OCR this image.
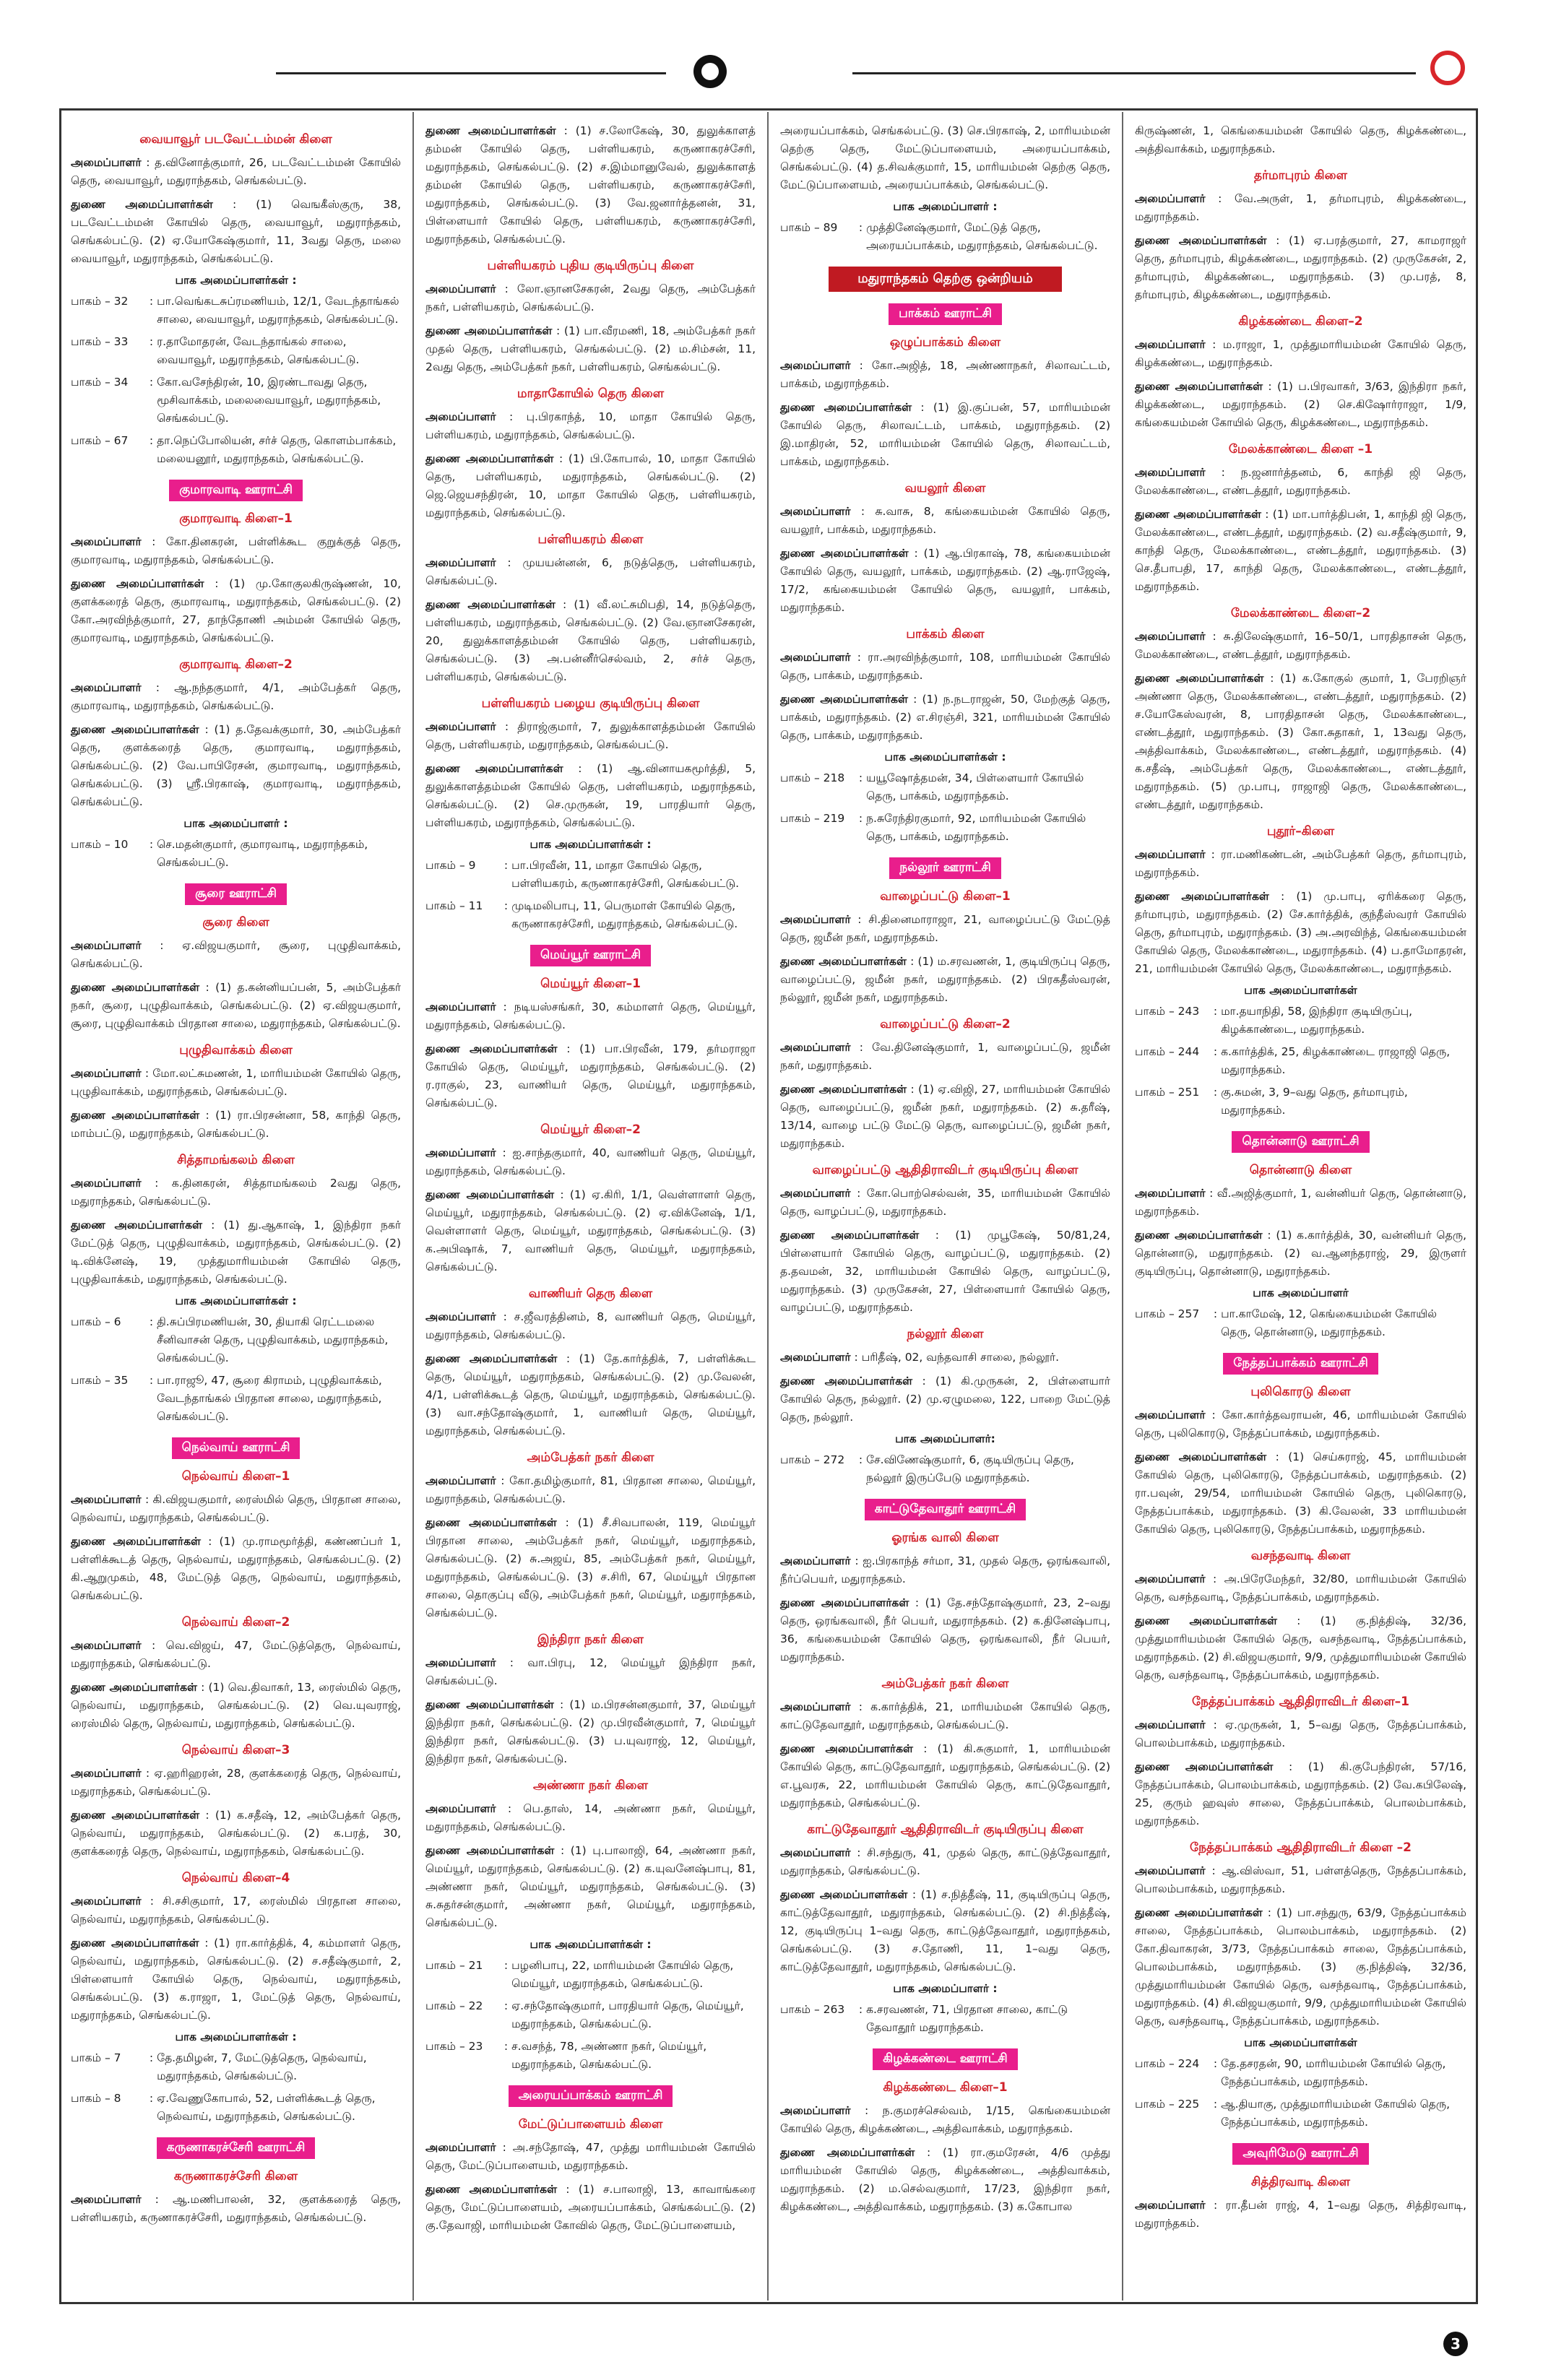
வையாவூர் படவேட்டம்மன் கிளை

அமைப்பாளர் : த.வினோத்குமார், 26, படவேட்டம்மன் கோயில் தெரு, வையாவூர், மதுராந்தகம், செங்கல்பட்டு.

துணை அமைப்பாளர்கள் : (1) வெஙகீஸ்குரு, 38, படவேட்டம்மன் கோயில் தெரு, வையாவூர், மதுராந்தகம், செங்கல்பட்டு. (2) ஏ.யோகேஷ்குமார், 11, 3வது தெரு, மலை வையாவூர், மதுராந்தகம், செங்கல்பட்டு.

பாக அமைப்பாளர்கள் :
பாகம் – 32	: பா.வெங்கடசுப்ரமணியம், 12/1, வேடந்தாங்கல் சாலை, வையாவூர், மதுராந்தகம், செங்கல்பட்டு.
பாகம் – 33	: ர.தாமோதரன், வேடந்தாங்கல் சாலை, வையாவூர், மதுராந்தகம், செங்கல்பட்டு.
பாகம் – 34	: கோ.வசேந்திரன், 10, இரண்டாவது தெரு, மூசிவாக்கம், மலைவையாவூர், மதுராந்தகம், செங்கல்பட்டு.
பாகம் – 67	: தா.நெப்போலியன், சர்ச் தெரு, கொளம்பாக்கம், மலையனூர், மதுராந்தகம், செங்கல்பட்டு.
குமாரவாடி ஊராட்சி
குமாரவாடி கிளை–1

அமைப்பாளர் : கோ.தினகரன், பள்ளிக்கூட குறுக்குத் தெரு, குமாரவாடி, மதுராந்தகம், செங்கல்பட்டு.

துணை அமைப்பாளர்கள் : (1) மு.கோகுலகிருஷ்ணன், 10, குளக்கரைத் தெரு, குமாரவாடி, மதுராந்தகம், செங்கல்பட்டு. (2) கோ.அரவிந்த்குமார், 27, தாந்தோணி அம்மன் கோயில் தெரு, குமாரவாடி, மதுராந்தகம், செங்கல்பட்டு.

குமாரவாடி கிளை–2

அமைப்பாளர் : ஆ.நந்தகுமார், 4/1, அம்பேத்கர் தெரு, குமாரவாடி, மதுராந்தகம், செங்கல்பட்டு.

துணை அமைப்பாளர்கள் : (1) த.தேவக்குமார், 30, அம்பேத்கர் தெரு, குளக்கரைத் தெரு, குமாரவாடி, மதுராந்தகம், செங்கல்பட்டு. (2) வே.பாபிரேசன், குமாரவாடி, மதுராந்தகம், செங்கல்பட்டு. (3) ஸ்ரீ.பிரகாஷ், குமாரவாடி, மதுராந்தகம், செங்கல்பட்டு.

பாக அமைப்பாளர் :
பாகம் – 10	: செ.மதன்குமார், குமாரவாடி, மதுராந்தகம், செங்கல்பட்டு.
சூரை ஊராட்சி
சூரை கிளை

அமைப்பாளர் : ஏ.விஜயகுமார், சூரை, புழுதிவாக்கம், செங்கல்பட்டு.

துணை அமைப்பாளர்கள் : (1) த.கன்னியப்பன், 5, அம்பேத்கர் நகர், சூரை, புழுதிவாக்கம், செங்கல்பட்டு. (2) ஏ.விஜயகுமார், சூரை, புழுதிவாக்கம் பிரதான சாலை, மதுராந்தகம், செங்கல்பட்டு.

புழுதிவாக்கம் கிளை

அமைப்பாளர் : மோ.லட்சுமணன், 1, மாரியம்மன் கோயில் தெரு, புழுதிவாக்கம், மதுராந்தகம், செங்கல்பட்டு.

துணை அமைப்பாளர்கள் : (1) ரா.பிரசன்னா, 58, காந்தி தெரு, மாம்பட்டு, மதுராந்தகம், செங்கல்பட்டு.

சித்தாமங்கலம் கிளை

அமைப்பாளர் : க.தினகரன், சித்தாமங்கலம் 2வது தெரு, மதுராந்தகம், செங்கல்பட்டு.

துணை அமைப்பாளர்கள் : (1) து.ஆகாஷ், 1, இந்திரா நகர் மேட்டுத் தெரு, புழுதிவாக்கம், மதுராந்தகம், செங்கல்பட்டு. (2) டி.விக்னேஷ், 19, முத்துமாரியம்மன் கோயில் தெரு, புழுதிவாக்கம், மதுராந்தகம், செங்கல்பட்டு.

பாக அமைப்பாளர்கள் :
பாகம் – 6	: தி.சுப்பிரமணியன், 30, தியாகி ரெட்டமலை சீனிவாசன் தெரு, புழுதிவாக்கம், மதுராந்தகம், செங்கல்பட்டு.
பாகம் – 35	: பா.ராஜூ, 47, சூரை கிராமம், புழுதிவாக்கம், வேடந்தாங்கல் பிரதான சாலை, மதுராந்தகம், செங்கல்பட்டு.
நெல்வாய் ஊராட்சி
நெல்வாய் கிளை–1

அமைப்பாளர் : கி.விஜயகுமார், ரைஸ்மில் தெரு, பிரதான சாலை, நெல்வாய், மதுராந்தகம், செங்கல்பட்டு.

துணை அமைப்பாளர்கள் : (1) மு.ராமமூர்த்தி, கண்ணப்பர் 1, பள்ளிக்கூடத் தெரு, நெல்வாய், மதுராந்தகம், செங்கல்பட்டு. (2) கி.ஆறுமுகம், 48, மேட்டுத் தெரு, நெல்வாய், மதுராந்தகம், செங்கல்பட்டு.

நெல்வாய் கிளை–2

அமைப்பாளர் : வெ.விஜய், 47, மேட்டுத்தெரு, நெல்வாய், மதுராந்தகம், செங்கல்பட்டு.

துணை அமைப்பாளர்கள் : (1) வெ.திவாகர், 13, ரைஸ்மில் தெரு, நெல்வாய், மதுராந்தகம், செங்கல்பட்டு. (2) வெ.யுவராஜ், ரைஸ்மில் தெரு, நெல்வாய், மதுராந்தகம், செங்கல்பட்டு.

நெல்வாய் கிளை–3

அமைப்பாளர் : ஏ.ஹரிஹரன், 28, குளக்கரைத் தெரு, நெல்வாய், மதுராந்தகம், செங்கல்பட்டு.

துணை அமைப்பாளர்கள் : (1) க.சதீஷ், 12, அம்பேத்கர் தெரு, நெல்வாய், மதுராந்தகம், செங்கல்பட்டு. (2) க.பரத், 30, குளக்கரைத் தெரு, நெல்வாய், மதுராந்தகம், செங்கல்பட்டு.

நெல்வாய் கிளை–4

அமைப்பாளர் : சி.சசிகுமார், 17, ரைஸ்மில் பிரதான சாலை, நெல்வாய், மதுராந்தகம், செங்கல்பட்டு.

துணை அமைப்பாளர்கள் : (1) ரா.கார்த்திக், 4, கம்மாளர் தெரு, நெல்வாய், மதுராந்தகம், செங்கல்பட்டு. (2) ச.சதீஷ்குமார், 2, பிள்ளையார் கோயில் தெரு, நெல்வாய், மதுராந்தகம், செங்கல்பட்டு. (3) க.ராஜா, 1, மேட்டுத் தெரு, நெல்வாய், மதுராந்தகம், செங்கல்பட்டு.

பாக அமைப்பாளர்கள் :
பாகம் – 7	: தே.தமிழன், 7, மேட்டுத்தெரு, நெல்வாய், மதுராந்தகம், செங்கல்பட்டு.
பாகம் – 8	: ஏ.வேணுகோபால், 52, பள்ளிக்கூடத் தெரு, நெல்வாய், மதுராந்தகம், செங்கல்பட்டு.
கருணாகரச்சேரி ஊராட்சி
கருணாகரச்சேரி கிளை

அமைப்பாளர் : ஆ.மணிபாலன், 32, குளக்கரைத் தெரு, பள்ளியகரம், கருணாகரச்சேரி, மதுராந்தகம், செங்கல்பட்டு.

துணை அமைப்பாளர்கள் : (1) ச.லோகேஷ், 30, துலுக்காளத் தம்மன் கோயில் தெரு, பள்ளியகரம், கருணாகரச்சேரி, மதுராந்தகம், செங்கல்பட்டு. (2) ச.இம்மானுவேல், துலுக்காளத் தம்மன் கோயில் தெரு, பள்ளியகரம், கருணாகரச்சேரி, மதுராந்தகம், செங்கல்பட்டு. (3) வே.ஜனார்த்தனன், 31, பிள்ளையார் கோயில் தெரு, பள்ளியகரம், கருணாகரச்சேரி, மதுராந்தகம், செங்கல்பட்டு.

பள்ளியகரம் புதிய குடியிருப்பு கிளை

அமைப்பாளர் : லோ.ஞானசேகரன், 2வது தெரு, அம்பேத்கர் நகர், பள்ளியகரம், செங்கல்பட்டு.

துணை அமைப்பாளர்கள் : (1) பா.வீரமணி, 18, அம்பேத்கர் நகர் முதல் தெரு, பள்ளியகரம், செங்கல்பட்டு. (2) ம.சிம்சன், 11, 2வது தெரு, அம்பேத்கர் நகர், பள்ளியகரம், செங்கல்பட்டு.

மாதாகோயில் தெரு கிளை

அமைப்பாளர் : பு.பிரகாந்த், 10, மாதா கோயில் தெரு, பள்ளியகரம், மதுராந்தகம், செங்கல்பட்டு.

துணை அமைப்பாளர்கள் : (1) பி.கோபால், 10, மாதா கோயில் தெரு, பள்ளியகரம், மதுராந்தகம், செங்கல்பட்டு. (2) ஜெ.ஜெயசந்திரன், 10, மாதா கோயில் தெரு, பள்ளியகரம், மதுராந்தகம், செங்கல்பட்டு.

பள்ளியகரம் கிளை

அமைப்பாளர் : முயயன்னன், 6, நடுத்தெரு, பள்ளியகரம், செங்கல்பட்டு.

துணை அமைப்பாளர்கள் : (1) வீ.லட்சுமிபதி, 14, நடுத்தெரு, பள்ளியகரம், மதுராந்தகம், செங்கல்பட்டு. (2) வே.ஞானசேகரன், 20, துலுக்காளத்தம்மன் கோயில் தெரு, பள்ளியகரம், செங்கல்பட்டு. (3) அ.பன்னீர்செல்வம், 2, சர்ச் தெரு, பள்ளியகரம், செங்கல்பட்டு.

பள்ளியகரம் பழைய குடியிருப்பு கிளை

அமைப்பாளர் : திராஜ்குமார், 7, துலுக்காளத்தம்மன் கோயில் தெரு, பள்ளியகரம், மதுராந்தகம், செங்கல்பட்டு.

துணை அமைப்பாளர்கள் : (1) ஆ.வினாயகமூர்த்தி, 5, துலுக்காளத்தம்மன் கோயில் தெரு, பள்ளியகரம், மதுராந்தகம், செங்கல்பட்டு. (2) செ.முருகன், 19, பாரதியார் தெரு, பள்ளியகரம், மதுராந்தகம், செங்கல்பட்டு.

பாக அமைப்பாளர்கள் :
பாகம் – 9	: பா.பிரவீன், 11, மாதா கோயில் தெரு, பள்ளியகரம், கருணாகரச்சேரி, செங்கல்பட்டு.
பாகம் – 11	: முடிமலிபாபு, 11, பெருமாள் கோயில் தெரு, கருணாகரச்சேரி, மதுராந்தகம், செங்கல்பட்டு.
மெய்யூர் ஊராட்சி
மெய்யூர் கிளை–1

அமைப்பாளர் : நடியஸ்சங்கர், 30, கம்மாளர் தெரு, மெய்யூர், மதுராந்தகம், செங்கல்பட்டு.

துணை அமைப்பாளர்கள் : (1) பா.பிரவீன், 179, தர்மராஜா கோயில் தெரு, மெய்யூர், மதுராந்தகம், செங்கல்பட்டு. (2) ர.ராகுல், 23, வாணியர் தெரு, மெய்யூர், மதுராந்தகம், செங்கல்பட்டு.

மெய்யூர் கிளை–2

அமைப்பாளர் : ஐ.சாந்தகுமார், 40, வாணியர் தெரு, மெய்யூர், மதுராந்தகம், செங்கல்பட்டு.

துணை அமைப்பாளர்கள் : (1) ஏ.கிரி, 1/1, வெள்ளாளர் தெரு, மெய்யூர், மதுராந்தகம், செங்கல்பட்டு. (2) ஏ.விக்னேஷ், 1/1, வெள்ளாளர் தெரு, மெய்யூர், மதுராந்தகம், செங்கல்பட்டு. (3) க.அபிஷாக், 7, வாணியர் தெரு, மெய்யூர், மதுராந்தகம், செங்கல்பட்டு.

வாணியர் தெரு கிளை

அமைப்பாளர் : ச.ஜீவரத்தினம், 8, வாணியர் தெரு, மெய்யூர், மதுராந்தகம், செங்கல்பட்டு.

துணை அமைப்பாளர்கள் : (1) தே.கார்த்திக், 7, பள்ளிக்கூட தெரு, மெய்யூர், மதுராந்தகம், செங்கல்பட்டு. (2) மு.வேலன், 4/1, பள்ளிக்கூடத் தெரு, மெய்யூர், மதுராந்தகம், செங்கல்பட்டு. (3) வா.சந்தோஷ்குமார், 1, வாணியர் தெரு, மெய்யூர், மதுராந்தகம், செங்கல்பட்டு.

அம்பேத்கர் நகர் கிளை

அமைப்பாளர் : கோ.தமிழ்குமார், 81, பிரதான சாலை, மெய்யூர், மதுராந்தகம், செங்கல்பட்டு.

துணை அமைப்பாளர்கள் : (1) சீ.சிவபாலன், 119, மெய்யூர் பிரதான சாலை, அம்பேத்கர் நகர், மெய்யூர், மதுராந்தகம், செங்கல்பட்டு. (2) சு.அஜய், 85, அம்பேத்கர் நகர், மெய்யூர், மதுராந்தகம், செங்கல்பட்டு. (3) ச.சிரி, 67, மெய்யூர் பிரதான சாலை, தொகுப்பு வீடு, அம்பேத்கர் நகர், மெய்யூர், மதுராந்தகம், செங்கல்பட்டு.

இந்திரா நகர் கிளை

அமைப்பாளர் : வா.பிரபு, 12, மெய்யூர் இந்திரா நகர், செங்கல்பட்டு.

துணை அமைப்பாளர்கள் : (1) ம.பிரசன்னகுமார், 37, மெய்யூர் இந்திரா நகர், செங்கல்பட்டு. (2) மு.பிரவீன்குமார், 7, மெய்யூர் இந்திரா நகர், செங்கல்பட்டு. (3) ப.யுவராஜ், 12, மெய்யூர், இந்திரா நகர், செங்கல்பட்டு.

அண்ணா நகர் கிளை

அமைப்பாளர் : பெ.தாஸ், 14, அண்ணா நகர், மெய்யூர், மதுராந்தகம், செங்கல்பட்டு.

துணை அமைப்பாளர்கள் : (1) பு.பாலாஜி, 64, அண்ணா நகர், மெய்யூர், மதுராந்தகம், செங்கல்பட்டு. (2) க.யுவனேஷ்பாபு, 81, அண்ணா நகர், மெய்யூர், மதுராந்தகம், செங்கல்பட்டு. (3) சு.சுதர்சன்குமார், அண்ணா நகர், மெய்யூர், மதுராந்தகம், செங்கல்பட்டு.

பாக அமைப்பாளர்கள் :
பாகம் – 21	: பழனிபாபு, 22, மாரியம்மன் கோயில் தெரு, மெய்யூர், மதுராந்தகம், செங்கல்பட்டு.
பாகம் – 22	: ஏ.சந்தோஷ்குமார், பாரதியார் தெரு, மெய்யூர், மதுராந்தகம், செங்கல்பட்டு.
பாகம் – 23	: ச.வசந்த், 78, அண்ணா நகர், மெய்யூர், மதுராந்தகம், செங்கல்பட்டு.
அரையப்பாக்கம் ஊராட்சி
மேட்டுப்பாளையம் கிளை

அமைப்பாளர் : அ.சந்தோஷ், 47, முத்து மாரியம்மன் கோயில் தெரு, மேட்டுப்பாளையம், மதுராந்தகம்.

துணை அமைப்பாளர்கள் : (1) ச.பாலாஜி, 13, காவாங்கரை தெரு, மேட்டுப்பாளையம், அரையப்பாக்கம், செங்கல்பட்டு. (2) கு.தேவாஜி, மாரியம்மன் கோவில் தெரு, மேட்டுப்பாளையம்,

அரையப்பாக்கம், செங்கல்பட்டு. (3) செ.பிரகாஷ், 2, மாரியம்மன் தெற்கு தெரு, மேட்டுப்பாளையம், அரையப்பாக்கம், செங்கல்பட்டு. (4) த.சிவக்குமார், 15, மாரியம்மன் தெற்கு தெரு, மேட்டுப்பாளையம், அரையப்பாக்கம், செங்கல்பட்டு.

பாக அமைப்பாளர் :
பாகம் – 89	: முத்தினேஷ்குமார், மேட்டுத் தெரு, அரையப்பாக்கம், மதுராந்தகம், செங்கல்பட்டு.
மதுராந்தகம் தெற்கு ஒன்றியம்
பாக்கம் ஊராட்சி
ஒழுப்பாக்கம் கிளை

அமைப்பாளர் : கோ.அஜித், 18, அண்ணாநகர், சிலாவட்டம், பாக்கம், மதுராந்தகம்.

துணை அமைப்பாளர்கள் : (1) இ.குப்பன், 57, மாரியம்மன் கோயில் தெரு, சிலாவட்டம், பாக்கம், மதுராந்தகம். (2) இ.மாதிரன், 52, மாரியம்மன் கோயில் தெரு, சிலாவட்டம், பாக்கம், மதுராந்தகம்.

வயலூர் கிளை

அமைப்பாளர் : சு.வாசு, 8, கங்கையம்மன் கோயில் தெரு, வயலூர், பாக்கம், மதுராந்தகம்.

துணை அமைப்பாளர்கள் : (1) ஆ.பிரகாஷ், 78, கங்கையம்மன் கோயில் தெரு, வயலூர், பாக்கம், மதுராந்தகம். (2) ஆ.ராஜேஷ், 17/2, கங்கையம்மன் கோயில் தெரு, வயலூர், பாக்கம், மதுராந்தகம்.

பாக்கம் கிளை

அமைப்பாளர் : ரா.அரவிந்த்குமார், 108, மாரியம்மன் கோயில் தெரு, பாக்கம், மதுராந்தகம்.

துணை அமைப்பாளர்கள் : (1) ந.நடராஜன், 50, மேற்குத் தெரு, பாக்கம், மதுராந்தகம். (2) எ.சிரஞ்சி, 321, மாரியம்மன் கோயில் தெரு, பாக்கம், மதுராந்தகம்.

பாக அமைப்பாளர்கள் :
பாகம் – 218 : யயூஷோத்தமன், 34, பிள்ளையார் கோயில் தெரு, பாக்கம், மதுராந்தகம்.
பாகம் – 219 : ந.சுரேந்திரகுமார், 92, மாரியம்மன் கோயில் தெரு, பாக்கம், மதுராந்தகம்.
நல்லூர் ஊராட்சி
வாழைப்பட்டு கிளை–1

அமைப்பாளர் : சி.தினைமாராஜா, 21, வாழைப்பட்டு மேட்டுத் தெரு, ஜமீன் நகர், மதுராந்தகம்.

துணை அமைப்பாளர்கள் : (1) ம.சரவணன், 1, குடியிருப்பு தெரு, வாழைப்பட்டு, ஜமீன் நகர், மதுராந்தகம். (2) பிரகதீஸ்வரன், நல்லூர், ஜமீன் நகர், மதுராந்தகம்.

வாழைப்பட்டு கிளை–2

அமைப்பாளர் : வே.தினேஷ்குமார், 1, வாழைப்பட்டு, ஜமீன் நகர், மதுராந்தகம்.

துணை அமைப்பாளர்கள் : (1) ஏ.விஜி, 27, மாரியம்மன் கோயில் தெரு, வாழைப்பட்டு, ஜமீன் நகர், மதுராந்தகம். (2) சு.தரீஷ், 13/14, வாழை பட்டு மேட்டு தெரு, வாழைப்பட்டு, ஜமீன் நகர், மதுராந்தகம்.

வாழைப்பட்டு ஆதிதிராவிடர் குடியிருப்பு கிளை

அமைப்பாளர் : கோ.பொற்செல்வன், 35, மாரியம்மன் கோயில் தெரு, வாழப்பட்டு, மதுராந்தகம்.

துணை அமைப்பாளர்கள் : (1) முபூகேஷ், 50/81,24, பிள்ளையார் கோயில் தெரு, வாழப்பட்டு, மதுராந்தகம். (2) த.தவமன், 32, மாரியம்மன் கோயில் தெரு, வாழப்பட்டு, மதுராந்தகம். (3) முருகேசன், 27, பிள்ளையார் கோயில் தெரு, வாழப்பட்டு, மதுராந்தகம்.

நல்லூர் கிளை

அமைப்பாளர் : பரிதீஷ், 02, வந்தவாசி சாலை, நல்லூர்.

துணை அமைப்பாளர்கள் : (1) கி.முருகன், 2, பிள்ளையார் கோயில் தெரு, நல்லூர். (2) மு.ஏழுமலை, 122, பாறை மேட்டுத் தெரு, நல்லூர்.

பாக அமைப்பாளர்:
பாகம் – 272 : சே.விணேஷ்குமார், 6, குடியிருப்பு தெரு, நல்லூர் இருப்பேடு மதுராந்தகம்.
காட்டுதேவாதூர் ஊராட்சி
ஓரங்க வாலி கிளை

அமைப்பாளர் : ஐ.பிரகாந்த் சர்மா, 31, முதல் தெரு, ஒரங்கவாலி, நீர்ப்பெயர், மதுராந்தகம்.

துணை அமைப்பாளர்கள் : (1) தே.சந்தோஷ்குமார், 23, 2–வது தெரு, ஒரங்கவாலி, நீர் பெயர், மதுராந்தகம். (2) க.தினேஷ்பாபு, 36, கங்கையம்மன் கோயில் தெரு, ஒரங்கவாலி, நீர் பெயர், மதுராந்தகம்.

அம்பேத்கர் நகர் கிளை

அமைப்பாளர் : க.கார்த்திக், 21, மாரியம்மன் கோயில் தெரு, காட்டுதேவாதூர், மதுராந்தகம், செங்கல்பட்டு.

துணை அமைப்பாளர்கள் : (1) கி.சுகுமார், 1, மாரியம்மன் கோயில் தெரு, காட்டுதேவாதூர், மதுராந்தகம், செங்கல்பட்டு. (2) எ.பூவரசு, 22, மாரியம்மன் கோயில் தெரு, காட்டுதேவாதூர், மதுராந்தகம், செங்கல்பட்டு.

காட்டுதேவாதூர் ஆதிதிராவிடர் குடியிருப்பு கிளை

அமைப்பாளர் : சி.சந்துரு, 41, முதல் தெரு, காட்டுத்தேவாதூர், மதுராந்தகம், செங்கல்பட்டு.

துணை அமைப்பாளர்கள் : (1) ச.நித்தீஷ், 11, குடியிருப்பு தெரு, காட்டுத்தேவாதூர், மதுராந்தகம், செங்கல்பட்டு. (2) சி.நித்தீஷ், 12, குடியிருப்பு 1–வது தெரு, காட்டுத்தேவாதூர், மதுராந்தகம், செங்கல்பட்டு. (3) ச.தோணி, 11, 1–வது தெரு, காட்டுத்தேவாதூர், மதுராந்தகம், செங்கல்பட்டு.

பாக அமைப்பாளர் :
பாகம் – 263 : க.சரவணன், 71, பிரதான சாலை, காட்டு தேவாதூர் மதுராந்தகம்.
கிழக்கண்டை ஊராட்சி
கிழக்கண்டை கிளை–1

அமைப்பாளர் : ந.குமரச்செல்வம், 1/15, கெங்கையம்மன் கோயில் தெரு, கிழக்கண்டை, அத்திவாக்கம், மதுராந்தகம்.

துணை அமைப்பாளர்கள் : (1) ரா.குமரேசன், 4/6 முத்து மாரியம்மன் கோயில் தெரு, கிழக்கண்டை, அத்திவாக்கம், மதுராந்தகம். (2) ம.செல்வகுமார், 17/23, இந்திரா நகர், கிழக்கண்டை, அத்திவாக்கம், மதுராந்தகம். (3) க.கோபால

கிருஷ்ணன், 1, கெங்கையம்மன் கோயில் தெரு, கிழக்கண்டை, அத்திவாக்கம், மதுராந்தகம்.

தர்மாபுரம் கிளை

அமைப்பாளர் : வே.அருள், 1, தர்மாபுரம், கிழக்கண்டை, மதுராந்தகம்.

துணை அமைப்பாளர்கள் : (1) ஏ.பரத்குமார், 27, காமராஜர் தெரு, தர்மாபுரம், கிழக்கண்டை, மதுராந்தகம். (2) முருகேசன், 2, தர்மாபுரம், கிழக்கண்டை, மதுராந்தகம். (3) மு.பரத், 8, தர்மாபுரம், கிழக்கண்டை, மதுராந்தகம்.

கிழக்கண்டை கிளை–2

அமைப்பாளர் : ம.ராஜா, 1, முத்துமாரியம்மன் கோயில் தெரு, கிழக்கண்டை, மதுராந்தகம்.

துணை அமைப்பாளர்கள் : (1) ப.பிரவாகர், 3/63, இந்திரா நகர், கிழக்கண்டை, மதுராந்தகம். (2) செ.கிஷோர்ராஜா, 1/9, கங்கையம்மன் கோயில் தெரு, கிழக்கண்டை, மதுராந்தகம்.

மேலக்காண்டை கிளை –1

அமைப்பாளர் : ந.ஜனார்த்தனம், 6, காந்தி ஜி தெரு, மேலக்காண்டை, எண்டத்தூர், மதுராந்தகம்.

துணை அமைப்பாளர்கள் : (1) மா.பார்த்திபன், 1, காந்தி ஜி தெரு, மேலக்காண்டை, எண்டத்தூர், மதுராந்தகம். (2) வ.சதீஷ்குமார், 9, காந்தி தெரு, மேலக்காண்டை, எண்டத்தூர், மதுராந்தகம். (3) செ.தீபாபதி, 17, காந்தி தெரு, மேலக்காண்டை, எண்டத்தூர், மதுராந்தகம்.

மேலக்காண்டை கிளை–2

அமைப்பாளர் : சு.திலேஷ்குமார், 16–50/1, பாரதிதாசன் தெரு, மேலக்காண்டை, எண்டத்தூர், மதுராந்தகம்.

துணை அமைப்பாளர்கள் : (1) க.கோகுல் குமார், 1, பேரறிஞர் அண்ணா தெரு, மேலக்காண்டை, எண்டத்தூர், மதுராந்தகம். (2) ச.யோகேஸ்வரன், 8, பாரதிதாசன் தெரு, மேலக்காண்டை, எண்டத்தூர், மதுராந்தகம். (3) கோ.சுதாகர், 1, 13வது தெரு, அத்திவாக்கம், மேலக்காண்டை, எண்டத்தூர், மதுராந்தகம். (4) க.சதீஷ், அம்பேத்கர் தெரு, மேலக்காண்டை, எண்டத்தூர், மதுராந்தகம். (5) மு.பாபு, ராஜாஜி தெரு, மேலக்காண்டை, எண்டத்தூர், மதுராந்தகம்.

புதூர்–கிளை

அமைப்பாளர் : ரா.மணிகண்டன், அம்பேத்கர் தெரு, தர்மாபுரம், மதுராந்தகம்.

துணை அமைப்பாளர்கள் : (1) மு.பாபு, ஏரிக்கரை தெரு, தர்மாபுரம், மதுராந்தகம். (2) சே.கார்த்திக், குந்தீஸ்வரர் கோயில் தெரு, தர்மாபுரம், மதுராந்தகம். (3) அ.அரவிந்த், கெங்கையம்மன் கோயில் தெரு, மேலக்காண்டை, மதுராந்தகம். (4) ப.தாமோதரன், 21, மாரியம்மன் கோயில் தெரு, மேலக்காண்டை, மதுராந்தகம்.

பாக அமைப்பாளர்கள்
பாகம் – 243 : மா.தயாநிதி, 58, இந்திரா குடியிருப்பு, கிழக்காண்டை, மதுராந்தகம்.
பாகம் – 244 : க.கார்த்திக், 25, கிழக்காண்டை ராஜாஜி தெரு, மதுராந்தகம்.
பாகம் – 251 : கு.சுமன், 3, 9–வது தெரு, தர்மாபுரம், மதுராந்தகம்.
தொன்னாடு ஊராட்சி
தொன்னாடு கிளை

அமைப்பாளர் : வீ.அஜித்குமார், 1, வன்னியர் தெரு, தொன்னாடு, மதுராந்தகம்.

துணை அமைப்பாளர்கள் : (1) க.கார்த்திக், 30, வன்னியர் தெரு, தொன்னாடு, மதுராந்தகம். (2) வ.ஆனந்தராஜ், 29, இருளர் குடியிருப்பு, தொன்னாடு, மதுராந்தகம்.

பாக அமைப்பாளர்
பாகம் – 257 : பா.காமேஷ், 12, கெங்கையம்மன் கோயில் தெரு, தொன்னாடு, மதுராந்தகம்.
நேத்தப்பாக்கம் ஊராட்சி
புலிகொரடு கிளை

அமைப்பாளர் : கோ.கார்த்தவராயன், 46, மாரியம்மன் கோயில் தெரு, புலிகொரடு, நேத்தப்பாக்கம், மதுராந்தகம்.

துணை அமைப்பாளர்கள் : (1) செய்சுராஜ், 45, மாரியம்மன் கோயில் தெரு, புலிகொரடு, நேத்தப்பாக்கம், மதுராந்தகம். (2) ரா.பவுன், 29/54, மாரியம்மன் கோயில் தெரு, புலிகொரடு, நேத்தப்பாக்கம், மதுராந்தகம். (3) கி.வேலன், 33 மாரியம்மன் கோயில் தெரு, புலிகொரடு, நேத்தப்பாக்கம், மதுராந்தகம்.

வசந்தவாடி கிளை

அமைப்பாளர் : அ.பிரேமேந்தர், 32/80, மாரியம்மன் கோயில் தெரு, வசந்தவாடி, நேத்தப்பாக்கம், மதுராந்தகம்.

துணை அமைப்பாளர்கள் : (1) கு.நித்திஷ், 32/36, முத்துமாரியம்மன் கோயில் தெரு, வசந்தவாடி, நேத்தப்பாக்கம், மதுராந்தகம். (2) சி.விஜயகுமார், 9/9, முத்துமாரியம்மன் கோயில் தெரு, வசந்தவாடி, நேத்தப்பாக்கம், மதுராந்தகம்.

நேத்தப்பாக்கம் ஆதிதிராவிடர் கிளை–1

அமைப்பாளர் : ஏ.முருகன், 1, 5–வது தெரு, நேத்தப்பாக்கம், பொலம்பாக்கம், மதுராந்தகம்.

துணை அமைப்பாளர்கள் : (1) கி.குபேந்திரன், 57/16, நேத்தப்பாக்கம், பொலம்பாக்கம், மதுராந்தகம். (2) வே.கபிலேஷ், 25, குரும் ஹவுஸ் சாலை, நேத்தப்பாக்கம், பொலம்பாக்கம், மதுராந்தகம்.

நேத்தப்பாக்கம் ஆதிதிராவிடர் கிளை –2

அமைப்பாளர் : ஆ.விஸ்வா, 51, பள்ளத்தெரு, நேத்தப்பாக்கம், பொலம்பாக்கம், மதுராந்தகம்.

துணை அமைப்பாளர்கள் : (1) பா.சந்துரு, 63/9, நேத்தப்பாக்கம் சாலை, நேத்தப்பாக்கம், பொலம்பாக்கம், மதுராந்தகம். (2) கோ.திவாகரன், 3/73, நேத்தப்பாக்கம் சாலை, நேத்தப்பாக்கம், பொலம்பாக்கம், மதுராந்தகம். (3) கு.நித்திஷ், 32/36, முத்துமாரியம்மன் கோயில் தெரு, வசந்தவாடி, நேத்தப்பாக்கம், மதுராந்தகம். (4) சி.விஜயகுமார், 9/9, முத்துமாரியம்மன் கோயில் தெரு, வசந்தவாடி, நேத்தப்பாக்கம், மதுராந்தகம்.

பாக அமைப்பாளர்கள்
பாகம் – 224 : தே.தசரதன், 90, மாரியம்மன் கோயில் தெரு, நேத்தப்பாக்கம், மதுராந்தகம்.
பாகம் – 225 : ஆ.தியாகு, முத்துமாரியம்மன் கோயில் தெரு, நேத்தப்பாக்கம், மதுராந்தகம்.
அவுரிமேடு ஊராட்சி
சித்திரவாடி கிளை

அமைப்பாளர் : ரா.தீபன் ராஜ், 4, 1–வது தெரு, சித்திரவாடி, மதுராந்தகம்.

3
